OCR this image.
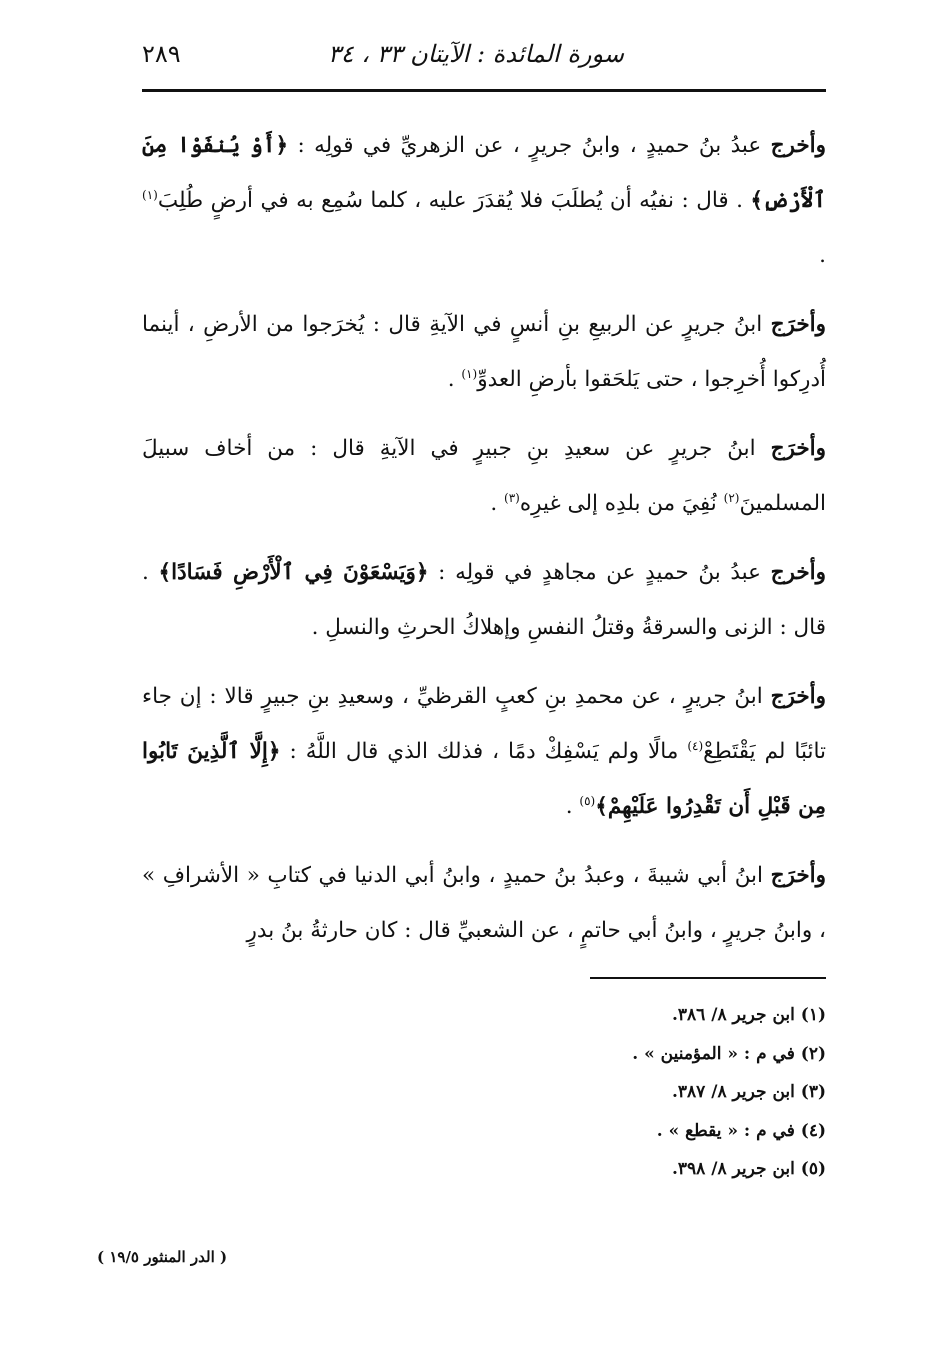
سورة المائدة : الآيتان ٣٣ ، ٣٤
٢٨٩

وأخرج عبدُ بنُ حميدٍ ، وابنُ جريرٍ ، عن الزهريِّ في قولِه : ﴿أَوْ يُنفَوْا مِنَ ٱلْأَرْضِ﴾ . قال : نفيُه أن يُطلَبَ فلا يُقدَرَ عليه ، كلما سُمِع به في أرضٍ طُلِبَ$^{(١)}$ .

وأخرَج ابنُ جريرٍ عن الربيعِ بنِ أنسٍ في الآيةِ قال : يُخرَجوا من الأرضِ ، أينما أُدرِكوا أُخرِجوا ، حتى يَلحَقوا بأرضِ العدوِّ$^{(١)}$ .

وأخرَج ابنُ جريرٍ عن سعيدِ بنِ جبيرٍ في الآيةِ قال : من أخاف سبيلَ المسلمينَ$^{(٢)}$ نُفِيَ من بلدِه إلى غيرِه$^{(٣)}$ .

وأخرج عبدُ بنُ حميدٍ عن مجاهدٍ في قولِه : ﴿وَيَسْعَوْنَ فِي ٱلْأَرْضِ فَسَادًا﴾ . قال : الزنى والسرقةُ وقتلُ النفسِ وإهلاكُ الحرثِ والنسلِ .

وأخرَج ابنُ جريرٍ ، عن محمدِ بنِ كعبٍ القرظيِّ ، وسعيدِ بنِ جبيرٍ قالا : إن جاء تائبًا لم يَقْتَطِعْ$^{(٤)}$ مالًا ولم يَسْفِكْ دمًا ، فذلك الذي قال اللَّهُ : ﴿إِلَّا ٱلَّذِينَ تَابُوا مِن قَبْلِ أَن تَقْدِرُوا عَلَيْهِمْ﴾$^{(٥)}$ .

وأخرَج ابنُ أبي شيبةَ ، وعبدُ بنُ حميدٍ ، وابنُ أبي الدنيا في كتابِ « الأشرافِ » ، وابنُ جريرٍ ، وابنُ أبي حاتمٍ ، عن الشعبيِّ قال : كان حارثةُ بنُ بدرٍ

(١) ابن جرير ٨/ ٣٨٦.
(٢) في م : « المؤمنين » .
(٣) ابن جرير ٨/ ٣٨٧.
(٤) في م : « يقطع » .
(٥) ابن جرير ٨/ ٣٩٨.
( الدر المنثور ١٩/٥ )
